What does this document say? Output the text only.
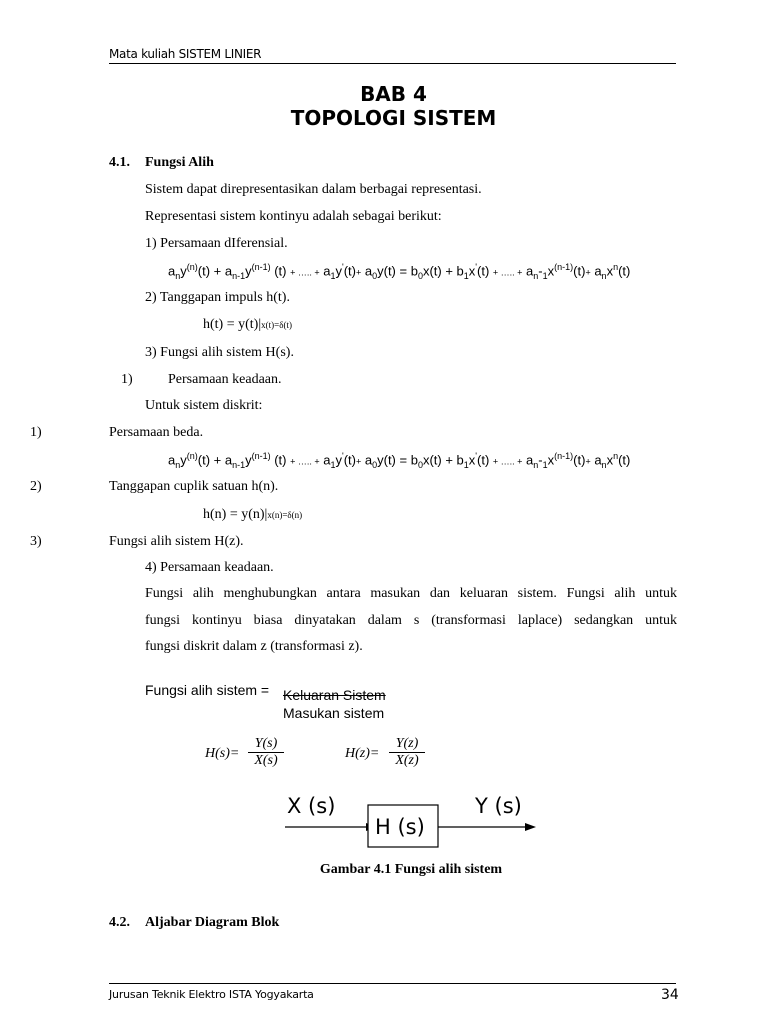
Mata kuliah SISTEM LINIER
BAB 4
TOPOLOGI SISTEM
4.1. Fungsi Alih
Sistem dapat direpresentasikan dalam berbagai representasi.
Representasi sistem kontinyu adalah sebagai berikut:
1) Persamaan dIferensial.
$a_ny^{(n)}(t) + a_{n-1}y^{(n-1)}$ (t) + ….. + $a_1y'(t)+ a_0y(t) = b_0x(t) + b_1x'(t)$ + ….. + $a_n-_1x^{(n-1)}(t)+ a_nx^n(t)$
2) Tanggapan impuls h(t).
h(t) = y(t)|x(t)=δ(t)
3) Fungsi alih sistem H(s).
1)	Persamaan keadaan.
Untuk sistem diskrit:
1)	Persamaan beda.
$a_ny^{(n)}(t) + a_{n-1}y^{(n-1)}$ (t) + ….. + $a_1y'(t)+ a_0y(t) = b_0x(t) + b_1x'(t)$ + ….. + $a_n-_1x^{(n-1)}(t)+ a_nx^n(t)$
2)	Tanggapan cuplik satuan h(n).
h(n) = y(n)|x(n)=δ(n)
3)	Fungsi alih sistem H(z).
4) Persamaan keadaan.
Fungsi alih menghubungkan antara masukan dan keluaran sistem. Fungsi alih untuk
fungsi kontinyu biasa dinyatakan dalam s (transformasi laplace) sedangkan untuk
fungsi diskrit dalam z (transformasi z).
Fungsi alih sistem = Keluaran Sistem
Masukan sistem
H(s)=
Y(s)
X(s)	H(z)=
Y(z)
X(z)
X (s)
H (s)
Y (s)
Gambar 4.1 Fungsi alih sistem
4.2. Aljabar Diagram Blok
Jurusan Teknik Elektro ISTA Yogyakarta	34
